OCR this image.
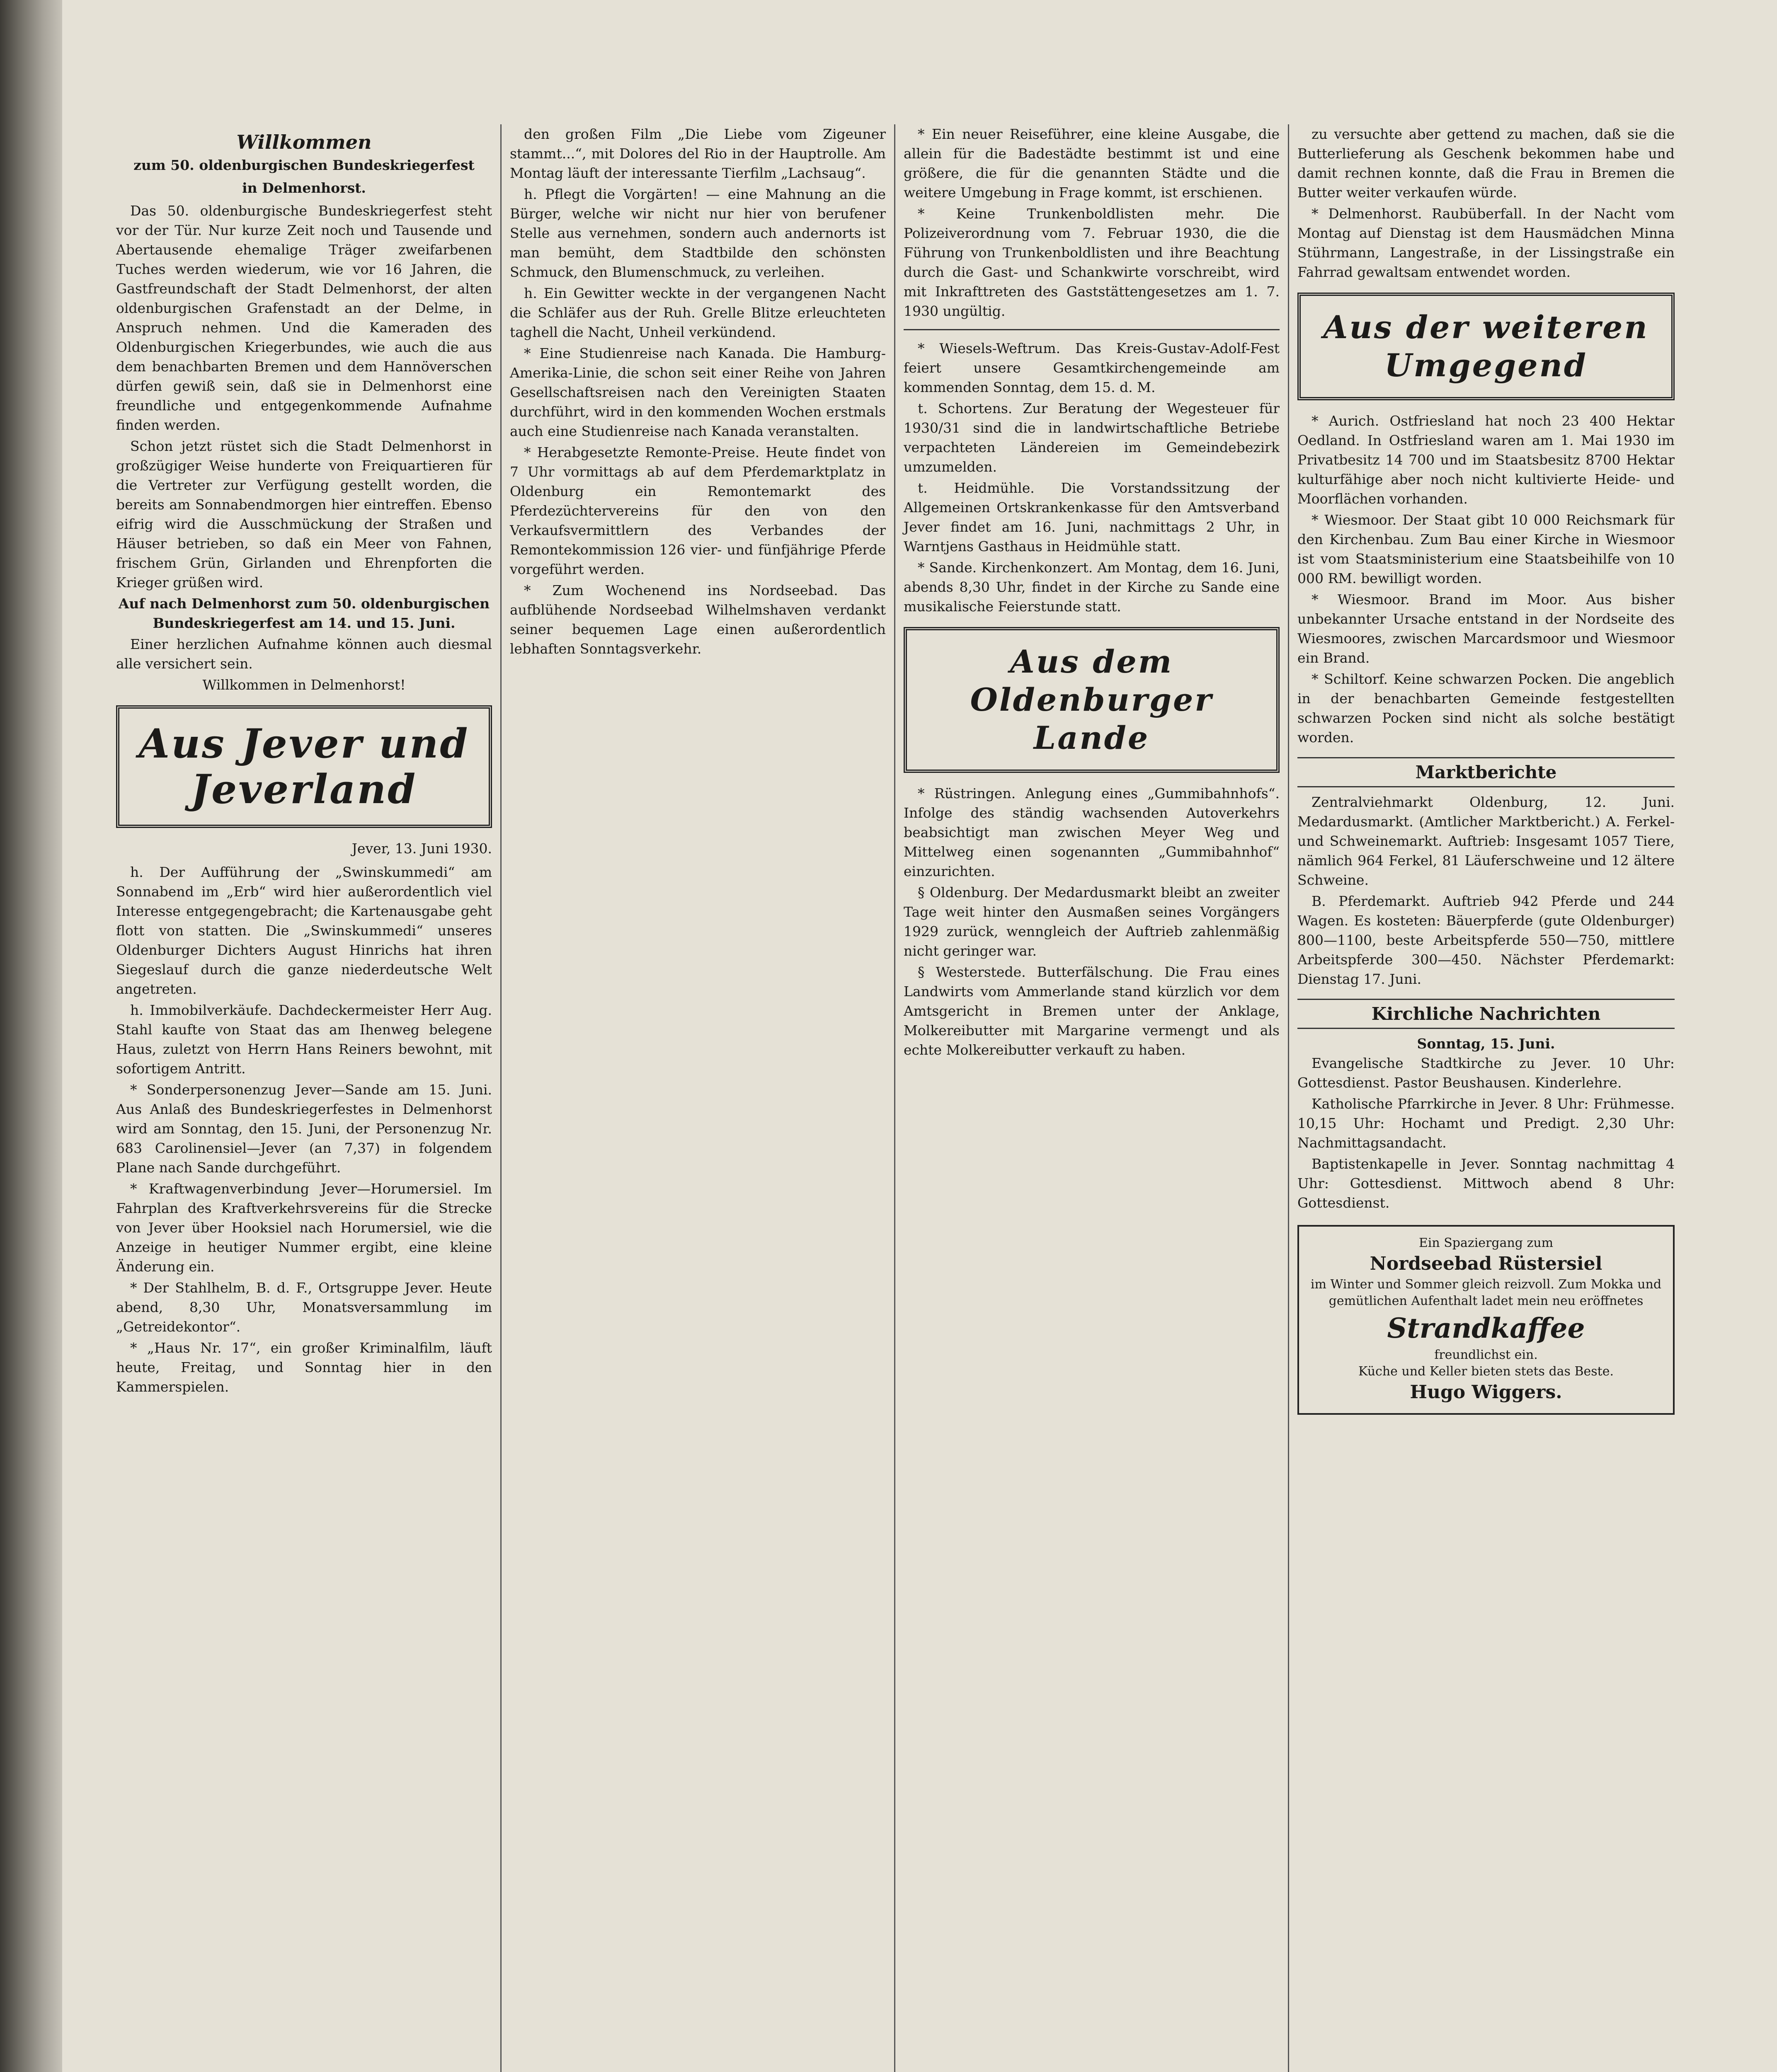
Willkommen
zum 50. oldenburgischen Bundeskriegerfest
in Delmenhorst.

Das 50. oldenburgische Bundeskriegerfest steht vor der Tür. Nur kurze Zeit noch und Tausende und Abertausende ehemalige Träger zweifarbenen Tuches werden wiederum, wie vor 16 Jahren, die Gastfreundschaft der Stadt Delmenhorst, der alten oldenburgischen Grafenstadt an der Delme, in Anspruch nehmen. Und die Kameraden des Oldenburgischen Kriegerbundes, wie auch die aus dem benachbarten Bremen und dem Hannöverschen dürfen gewiß sein, daß sie in Delmenhorst eine freundliche und entgegenkommende Aufnahme finden werden.

Schon jetzt rüstet sich die Stadt Delmenhorst in großzügiger Weise hunderte von Freiquartieren für die Vertreter zur Verfügung gestellt worden, die bereits am Sonnabendmorgen hier eintreffen. Ebenso eifrig wird die Ausschmückung der Straßen und Häuser betrieben, so daß ein Meer von Fahnen, frischem Grün, Girlanden und Ehrenpforten die Krieger grüßen wird.

Auf nach Delmenhorst zum 50. oldenburgischen Bundeskriegerfest am 14. und 15. Juni.

Einer herzlichen Aufnahme können auch diesmal alle versichert sein.

Willkommen in Delmenhorst!

Aus Jever und Jeverland
Jever, 13. Juni 1930.

h. Der Aufführung der „Swinskummedi“ am Sonnabend im „Erb“ wird hier außerordentlich viel Interesse entgegengebracht; die Kartenausgabe geht flott von statten. Die „Swinskummedi“ unseres Oldenburger Dichters August Hinrichs hat ihren Siegeslauf durch die ganze niederdeutsche Welt angetreten.

h. Immobilverkäufe. Dachdeckermeister Herr Aug. Stahl kaufte von Staat das am Ihenweg belegene Haus, zuletzt von Herrn Hans Reiners bewohnt, mit sofortigem Antritt.

* Sonderpersonenzug Jever—Sande am 15. Juni. Aus Anlaß des Bundeskriegerfestes in Delmenhorst wird am Sonntag, den 15. Juni, der Personenzug Nr. 683 Carolinensiel—Jever (an 7,37) in folgendem Plane nach Sande durchgeführt.

* Kraftwagenverbindung Jever—Horumersiel. Im Fahrplan des Kraftverkehrsvereins für die Strecke von Jever über Hooksiel nach Horumersiel, wie die Anzeige in heutiger Nummer ergibt, eine kleine Änderung ein.

* Der Stahlhelm, B. d. F., Ortsgruppe Jever. Heute abend, 8,30 Uhr, Monatsversammlung im „Getreidekontor“.

* „Haus Nr. 17“, ein großer Kriminalfilm, läuft heute, Freitag, und Sonntag hier in den Kammerspielen.

den großen Film „Die Liebe vom Zigeuner stammt...“, mit Dolores del Rio in der Hauptrolle. Am Montag läuft der interessante Tierfilm „Lachsaug“.

h. Pflegt die Vorgärten! — eine Mahnung an die Bürger, welche wir nicht nur hier von berufener Stelle aus vernehmen, sondern auch andernorts ist man bemüht, dem Stadtbilde den schönsten Schmuck, den Blumenschmuck, zu verleihen.

h. Ein Gewitter weckte in der vergangenen Nacht die Schläfer aus der Ruh. Grelle Blitze erleuchteten taghell die Nacht, Unheil verkündend.

* Eine Studienreise nach Kanada. Die Hamburg-Amerika-Linie, die schon seit einer Reihe von Jahren Gesellschaftsreisen nach den Vereinigten Staaten durchführt, wird in den kommenden Wochen erstmals auch eine Studienreise nach Kanada veranstalten.

* Herabgesetzte Remonte-Preise. Heute findet von 7 Uhr vormittags ab auf dem Pferdemarktplatz in Oldenburg ein Remontemarkt des Pferdezüchtervereins für den von den Verkaufsvermittlern des Verbandes der Remontekommission 126 vier- und fünfjährige Pferde vorgeführt werden.

* Zum Wochenend ins Nordseebad. Das aufblühende Nordseebad Wilhelmshaven verdankt seiner bequemen Lage einen außerordentlich lebhaften Sonntagsverkehr.

* Ein neuer Reiseführer, eine kleine Ausgabe, die allein für die Badestädte bestimmt ist und eine größere, die für die genannten Städte und die weitere Umgebung in Frage kommt, ist erschienen.

* Keine Trunkenboldlisten mehr. Die Polizeiverordnung vom 7. Februar 1930, die die Führung von Trunkenboldlisten und ihre Beachtung durch die Gast- und Schankwirte vorschreibt, wird mit Inkrafttreten des Gaststättengesetzes am 1. 7. 1930 ungültig.

* Wiesels-Weftrum. Das Kreis-Gustav-Adolf-Fest feiert unsere Gesamtkirchengemeinde am kommenden Sonntag, dem 15. d. M.

t. Schortens. Zur Beratung der Wegesteuer für 1930/31 sind die in landwirtschaftliche Betriebe verpachteten Ländereien im Gemeindebezirk umzumelden.

t. Heidmühle. Die Vorstandssitzung der Allgemeinen Ortskrankenkasse für den Amtsverband Jever findet am 16. Juni, nachmittags 2 Uhr, in Warntjens Gasthaus in Heidmühle statt.

* Sande. Kirchenkonzert. Am Montag, dem 16. Juni, abends 8,30 Uhr, findet in der Kirche zu Sande eine musikalische Feierstunde statt.

Aus dem Oldenburger Lande

* Rüstringen. Anlegung eines „Gummibahnhofs“. Infolge des ständig wachsenden Autoverkehrs beabsichtigt man zwischen Meyer Weg und Mittelweg einen sogenannten „Gummibahnhof“ einzurichten.

§ Oldenburg. Der Medardusmarkt bleibt an zweiter Tage weit hinter den Ausmaßen seines Vorgängers 1929 zurück, wenngleich der Auftrieb zahlenmäßig nicht geringer war.

§ Westerstede. Butterfälschung. Die Frau eines Landwirts vom Ammerlande stand kürzlich vor dem Amtsgericht in Bremen unter der Anklage, Molkereibutter mit Margarine vermengt und als echte Molkereibutter verkauft zu haben.

zu versuchte aber gettend zu machen, daß sie die Butterlieferung als Geschenk bekommen habe und damit rechnen konnte, daß die Frau in Bremen die Butter weiter verkaufen würde.

* Delmenhorst. Raubüberfall. In der Nacht vom Montag auf Dienstag ist dem Hausmädchen Minna Stührmann, Langestraße, in der Lissingstraße ein Fahrrad gewaltsam entwendet worden.

Aus der weiteren Umgegend

* Aurich. Ostfriesland hat noch 23 400 Hektar Oedland. In Ostfriesland waren am 1. Mai 1930 im Privatbesitz 14 700 und im Staatsbesitz 8700 Hektar kulturfähige aber noch nicht kultivierte Heide- und Moorflächen vorhanden.

* Wiesmoor. Der Staat gibt 10 000 Reichsmark für den Kirchenbau. Zum Bau einer Kirche in Wiesmoor ist vom Staatsministerium eine Staatsbeihilfe von 10 000 RM. bewilligt worden.

* Wiesmoor. Brand im Moor. Aus bisher unbekannter Ursache entstand in der Nordseite des Wiesmoores, zwischen Marcardsmoor und Wiesmoor ein Brand.

* Schiltorf. Keine schwarzen Pocken. Die angeblich in der benachbarten Gemeinde festgestellten schwarzen Pocken sind nicht als solche bestätigt worden.

Marktberichte

Zentralviehmarkt Oldenburg, 12. Juni. Medardusmarkt. (Amtlicher Marktbericht.) A. Ferkel- und Schweinemarkt. Auftrieb: Insgesamt 1057 Tiere, nämlich 964 Ferkel, 81 Läuferschweine und 12 ältere Schweine.

B. Pferdemarkt. Auftrieb 942 Pferde und 244 Wagen. Es kosteten: Bäuerpferde (gute Oldenburger) 800—1100, beste Arbeitspferde 550—750, mittlere Arbeitspferde 300—450. Nächster Pferdemarkt: Dienstag 17. Juni.

Kirchliche Nachrichten
Sonntag, 15. Juni.

Evangelische Stadtkirche zu Jever. 10 Uhr: Gottesdienst. Pastor Beushausen. Kinderlehre.

Katholische Pfarrkirche in Jever. 8 Uhr: Frühmesse. 10,15 Uhr: Hochamt und Predigt. 2,30 Uhr: Nachmittagsandacht.

Baptistenkapelle in Jever. Sonntag nachmittag 4 Uhr: Gottesdienst. Mittwoch abend 8 Uhr: Gottesdienst.

Ein Spaziergang zum
Nordseebad Rüstersiel
im Winter und Sommer gleich reizvoll. Zum Mokka und gemütlichen Aufenthalt ladet mein neu eröffnetes
Strandkaffee
freundlichst ein.
Küche und Keller bieten stets das Beste.
Hugo Wiggers.
